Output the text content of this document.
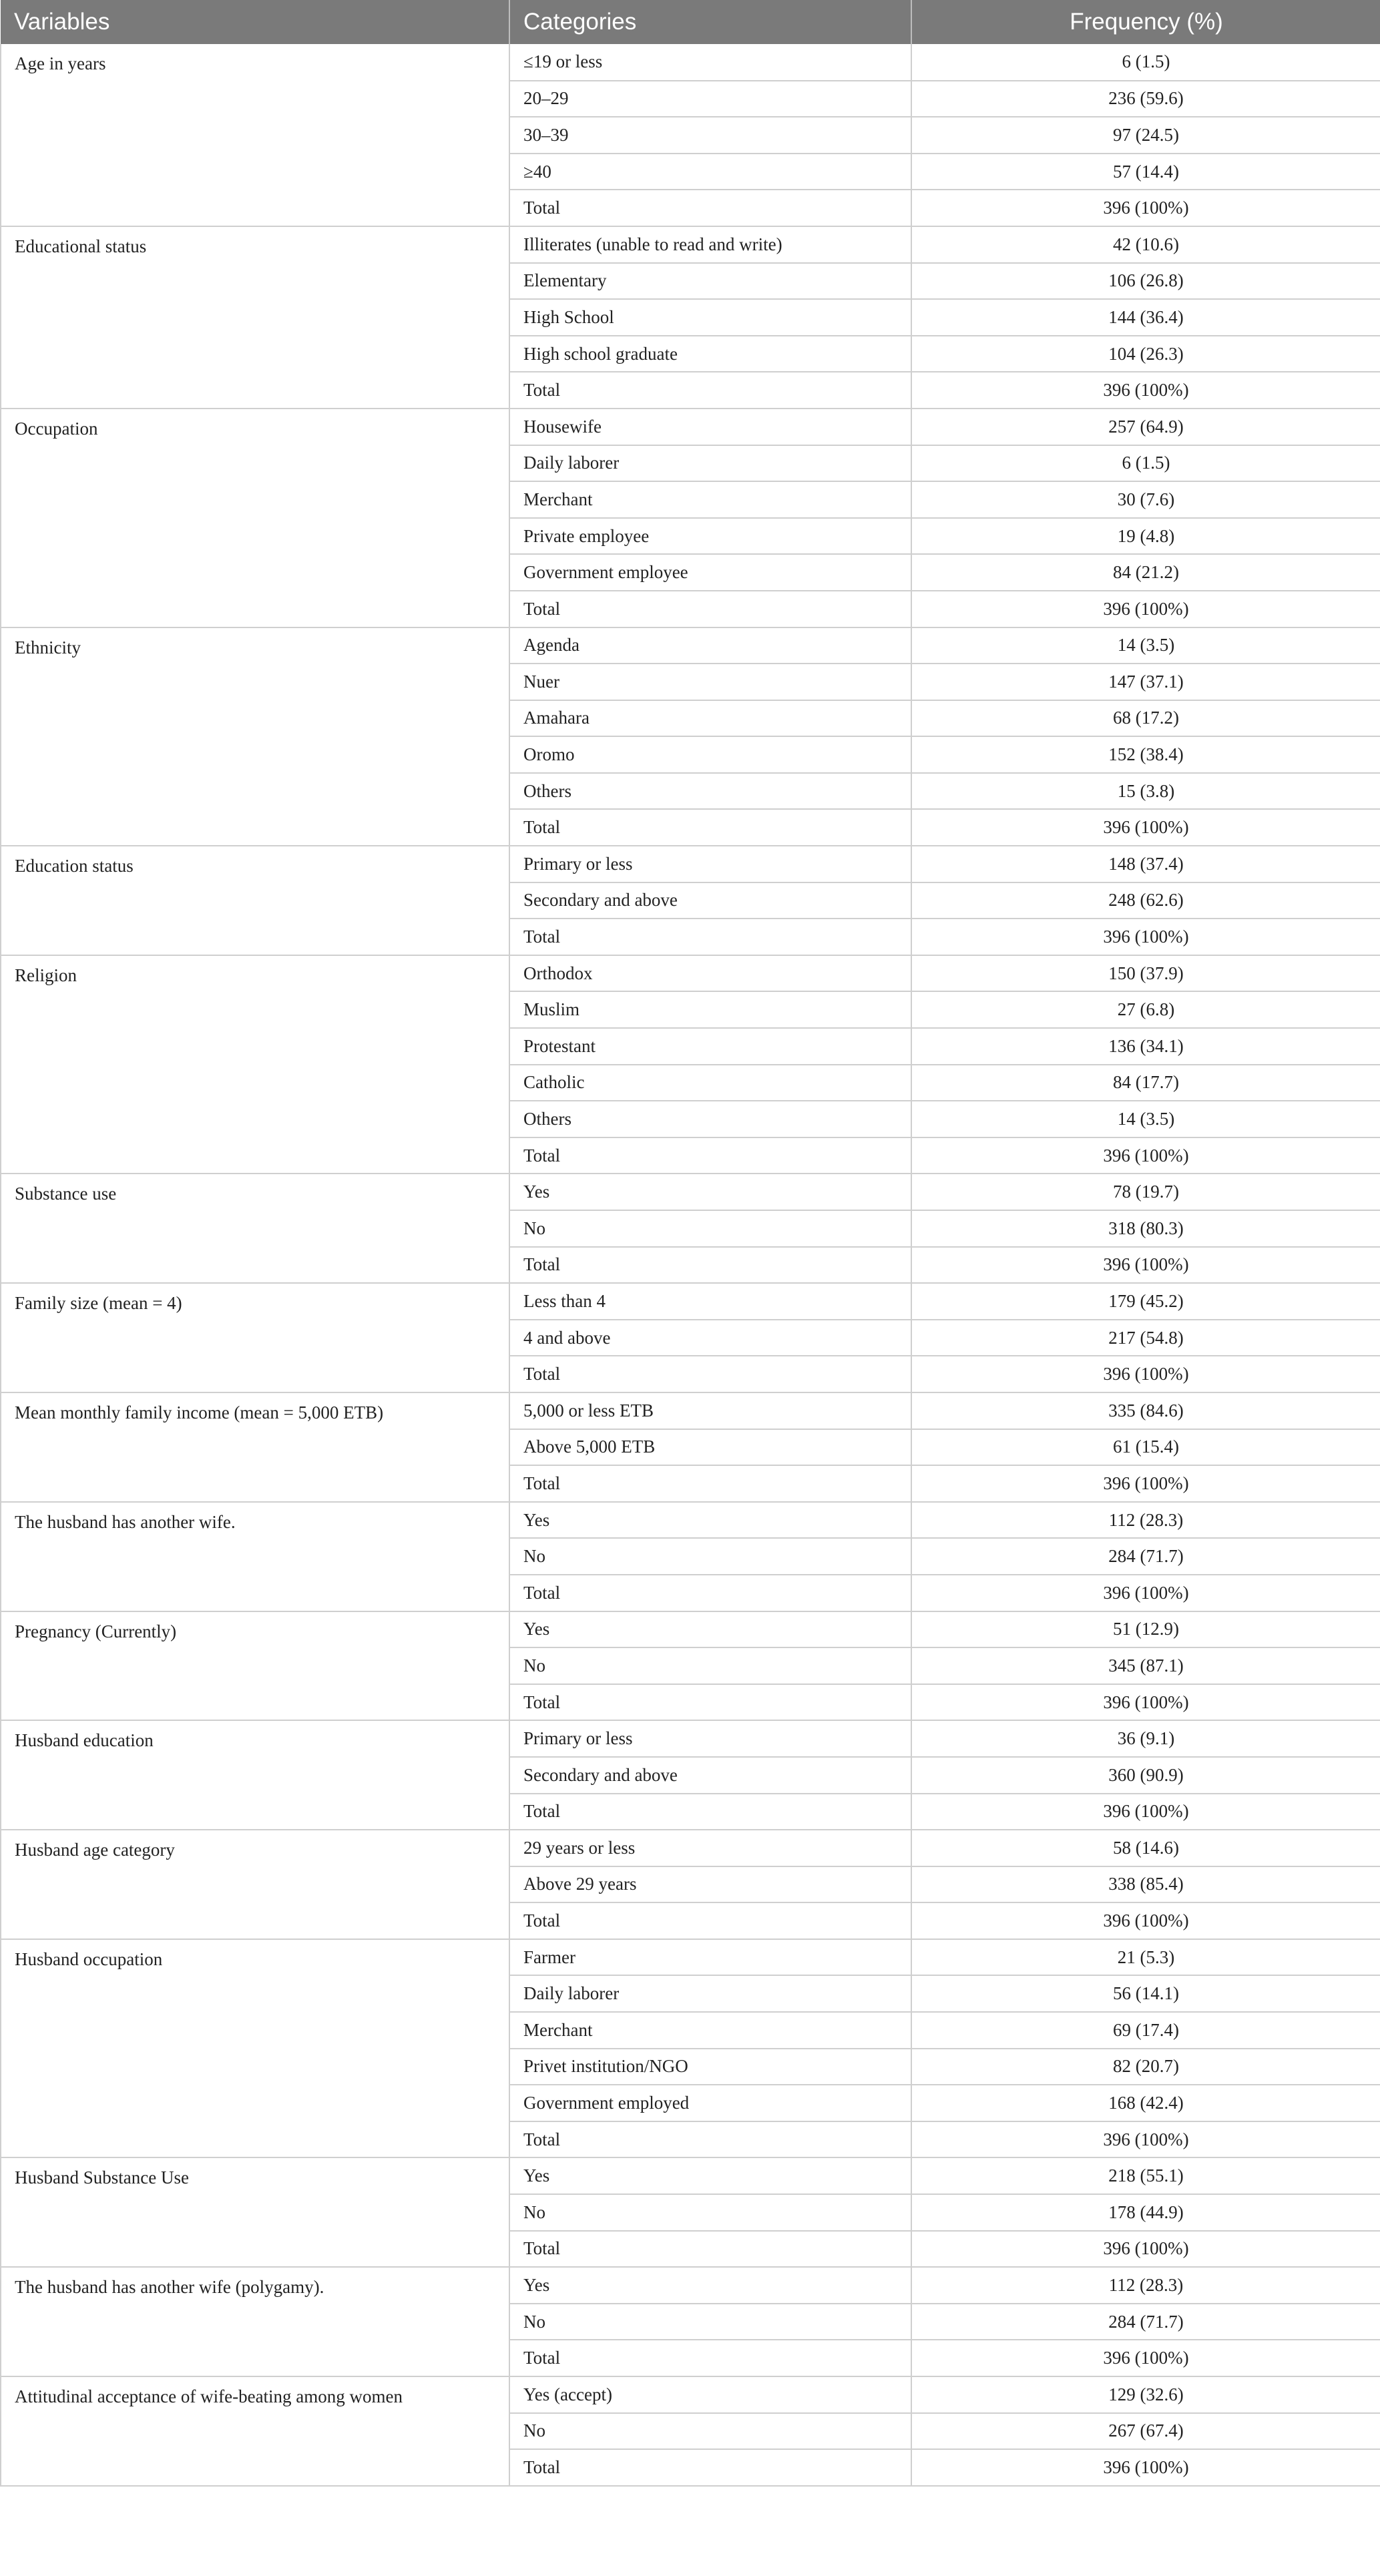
Variables	Categories	Frequency (%)
Age in years	≤19 or less	6 (1.5)
	20–29	236 (59.6)
	30–39	97 (24.5)
	≥40	57 (14.4)
	Total	396 (100%)
Educational status	Illiterates (unable to read and write)	42 (10.6)
	Elementary	106 (26.8)
	High School	144 (36.4)
	High school graduate	104 (26.3)
	Total	396 (100%)
Occupation	Housewife	257 (64.9)
	Daily laborer	6 (1.5)
	Merchant	30 (7.6)
	Private employee	19 (4.8)
	Government employee	84 (21.2)
	Total	396 (100%)
Ethnicity	Agenda	14 (3.5)
	Nuer	147 (37.1)
	Amahara	68 (17.2)
	Oromo	152 (38.4)
	Others	15 (3.8)
	Total	396 (100%)
Education status	Primary or less	148 (37.4)
	Secondary and above	248 (62.6)
	Total	396 (100%)
Religion	Orthodox	150 (37.9)
	Muslim	27 (6.8)
	Protestant	136 (34.1)
	Catholic	84 (17.7)
	Others	14 (3.5)
	Total	396 (100%)
Substance use	Yes	78 (19.7)
	No	318 (80.3)
	Total	396 (100%)
Family size (mean = 4)	Less than 4	179 (45.2)
	4 and above	217 (54.8)
	Total	396 (100%)
Mean monthly family income (mean = 5,000 ETB)	5,000 or less ETB	335 (84.6)
	Above 5,000 ETB	61 (15.4)
	Total	396 (100%)
The husband has another wife.	Yes	112 (28.3)
	No	284 (71.7)
	Total	396 (100%)
Pregnancy (Currently)	Yes	51 (12.9)
	No	345 (87.1)
	Total	396 (100%)
Husband education	Primary or less	36 (9.1)
	Secondary and above	360 (90.9)
	Total	396 (100%)
Husband age category	29 years or less	58 (14.6)
	Above 29 years	338 (85.4)
	Total	396 (100%)
Husband occupation	Farmer	21 (5.3)
	Daily laborer	56 (14.1)
	Merchant	69 (17.4)
	Privet institution/NGO	82 (20.7)
	Government employed	168 (42.4)
	Total	396 (100%)
Husband Substance Use	Yes	218 (55.1)
	No	178 (44.9)
	Total	396 (100%)
The husband has another wife (polygamy).	Yes	112 (28.3)
	No	284 (71.7)
	Total	396 (100%)
Attitudinal acceptance of wife-beating among women	Yes (accept)	129 (32.6)
	No	267 (67.4)
	Total	396 (100%)
